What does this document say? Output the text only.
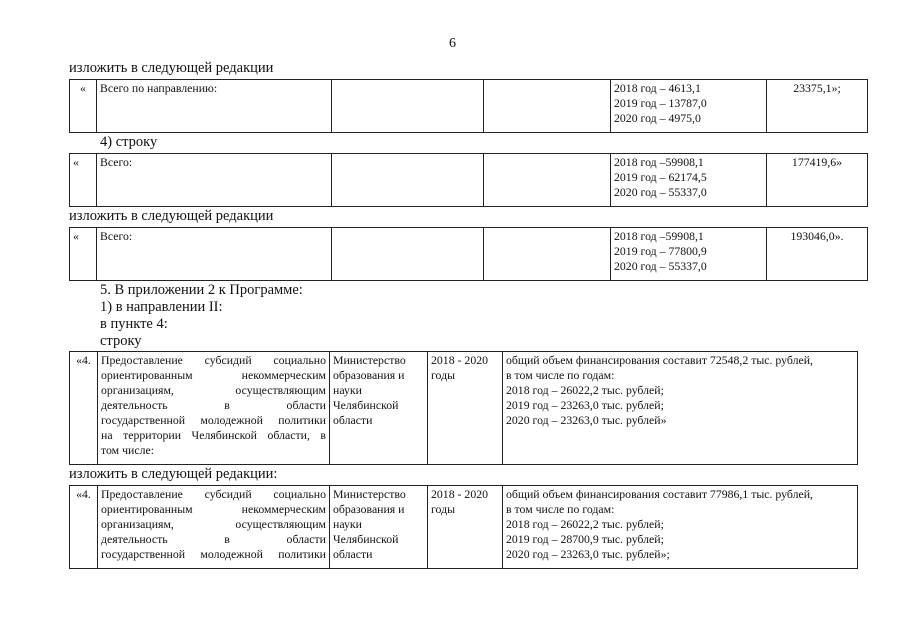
6
изложить в следующей редакции
«	Всего по направлению:			2018 год – 4613,1
2019 год – 13787,0
2020 год – 4975,0
	23375,1»;
4) строку
«	Всего:			2018 год –59908,1
2019 год – 62174,5
2020 год – 55337,0
	177419,6»
изложить в следующей редакции
«	Всего:			2018 год –59908,1
2019 год – 77800,9
2020 год – 55337,0
	193046,0».
5. В приложении 2 к Программе:
1) в направлении II:
в пункте 4:
строку
«4.	Предоставление субсидий социально
ориентированным некоммерческим
организациям, осуществляющим
деятельность в области
государственной молодежной политики
на территории Челябинской области, в
том числе:

Министерство
образования и
науки
Челябинской
области

2018 - 2020
годы

общий объем финансирования составит 72548,2 тыс. рублей,
в том числе по годам:
2018 год – 26022,2 тыс. рублей;
2019 год – 23263,0 тыс. рублей;
2020 год – 23263,0 тыс. рублей»
изложить в следующей редакции:
«4.	Предоставление субсидий социально
ориентированным некоммерческим
организациям, осуществляющим
деятельность в области
государственной молодежной политики

Министерство
образования и
науки
Челябинской
области

2018 - 2020
годы

общий объем финансирования составит 77986,1 тыс. рублей,
в том числе по годам:
2018 год – 26022,2 тыс. рублей;
2019 год – 28700,9 тыс. рублей;
2020 год – 23263,0 тыс. рублей»;
